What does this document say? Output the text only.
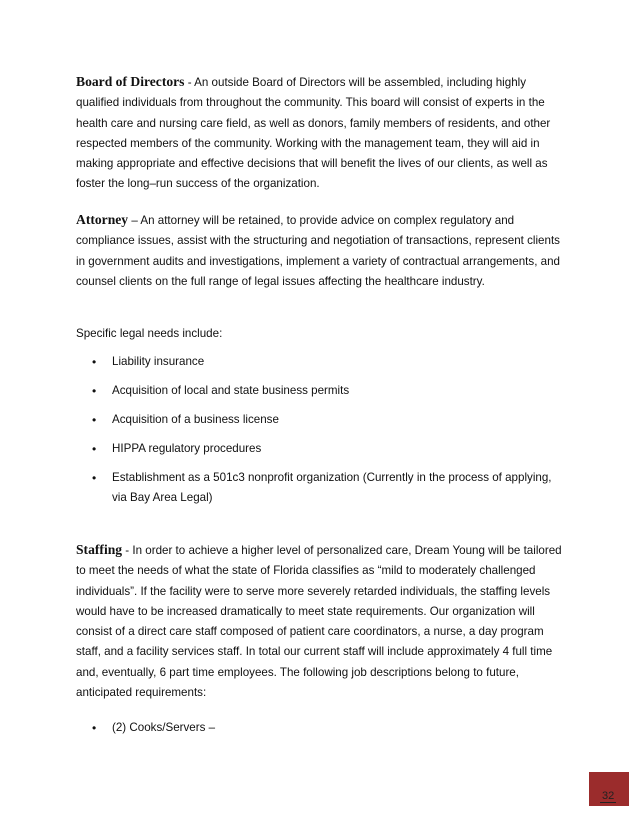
Board of Directors - An outside Board of Directors will be assembled, including highly qualified individuals from throughout the community. This board will consist of experts in the health care and nursing care field, as well as donors, family members of residents, and other respected members of the community. Working with the management team, they will aid in making appropriate and effective decisions that will benefit the lives of our clients, as well as foster the long–run success of the organization.

Attorney – An attorney will be retained, to provide advice on complex regulatory and compliance issues, assist with the structuring and negotiation of transactions, represent clients in government audits and investigations, implement a variety of contractual arrangements, and counsel clients on the full range of legal issues affecting the healthcare industry.

Specific legal needs include:

• Liability insurance
• Acquisition of local and state business permits
• Acquisition of a business license
• HIPPA regulatory procedures
• Establishment as a 501c3 nonprofit organization (Currently in the process of applying, via Bay Area Legal)

Staffing - In order to achieve a higher level of personalized care, Dream Young will be tailored to meet the needs of what the state of Florida classifies as “mild to moderately challenged individuals”. If the facility were to serve more severely retarded individuals, the staffing levels would have to be increased dramatically to meet state requirements. Our organization will consist of a direct care staff composed of patient care coordinators, a nurse, a day program staff, and a facility services staff. In total our current staff will include approximately 4 full time and, eventually, 6 part time employees. The following job descriptions belong to future, anticipated requirements:

• (2) Cooks/Servers –
32
